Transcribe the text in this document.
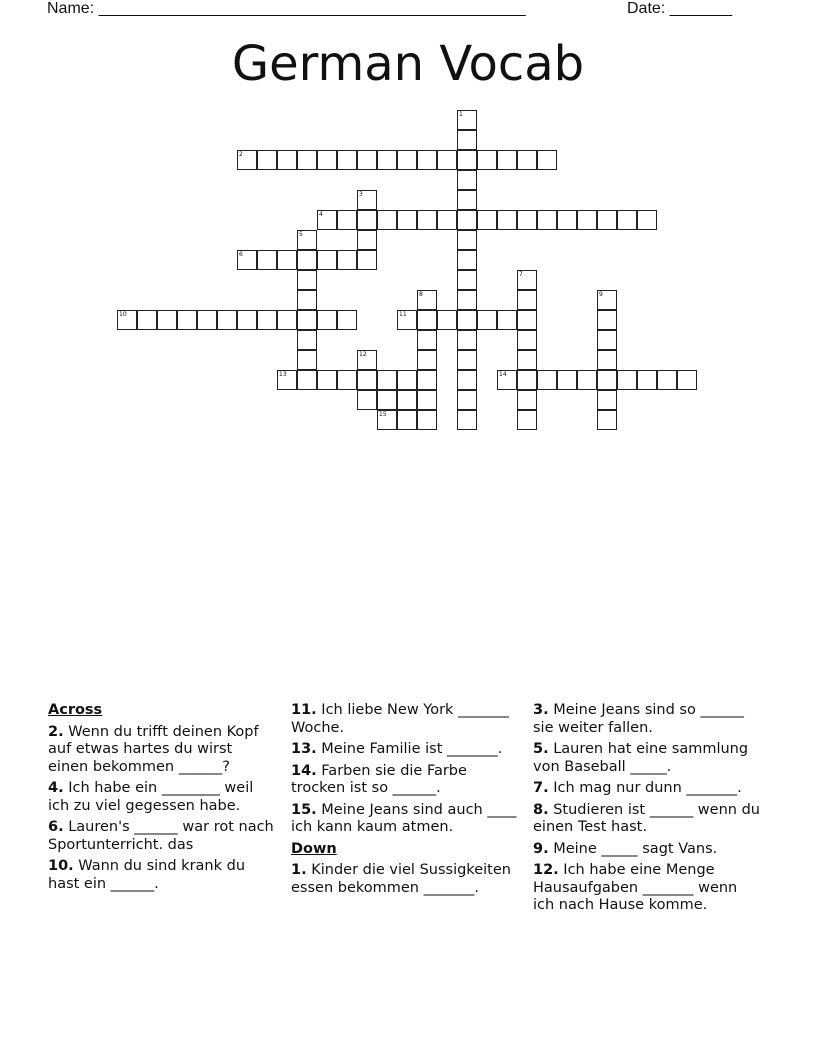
Name: ________________________________________________	Date: _______
German Vocab
1
2
3
4
5
6
7
8	9
10	11
12
13	14
15
Across
2. Wenn du trifft deinen Kopf auf etwas hartes du wirst einen bekommen ______?
4. Ich habe ein ________ weil ich zu viel gegessen habe.
6. Lauren's ______ war rot nach Sportunterricht. das
10. Wann du sind krank du hast ein ______.
11. Ich liebe New York _______ Woche.
13. Meine Familie ist _______.
14. Farben sie die Farbe trocken ist so ______.
15. Meine Jeans sind auch ____ ich kann kaum atmen.
Down
1. Kinder die viel Sussigkeiten essen bekommen _______.
3. Meine Jeans sind so ______ sie weiter fallen.
5. Lauren hat eine sammlung von Baseball _____.
7. Ich mag nur dunn _______.
8. Studieren ist ______ wenn du einen Test hast.
9. Meine _____ sagt Vans.
12. Ich habe eine Menge Hausaufgaben _______ wenn ich nach Hause komme.
